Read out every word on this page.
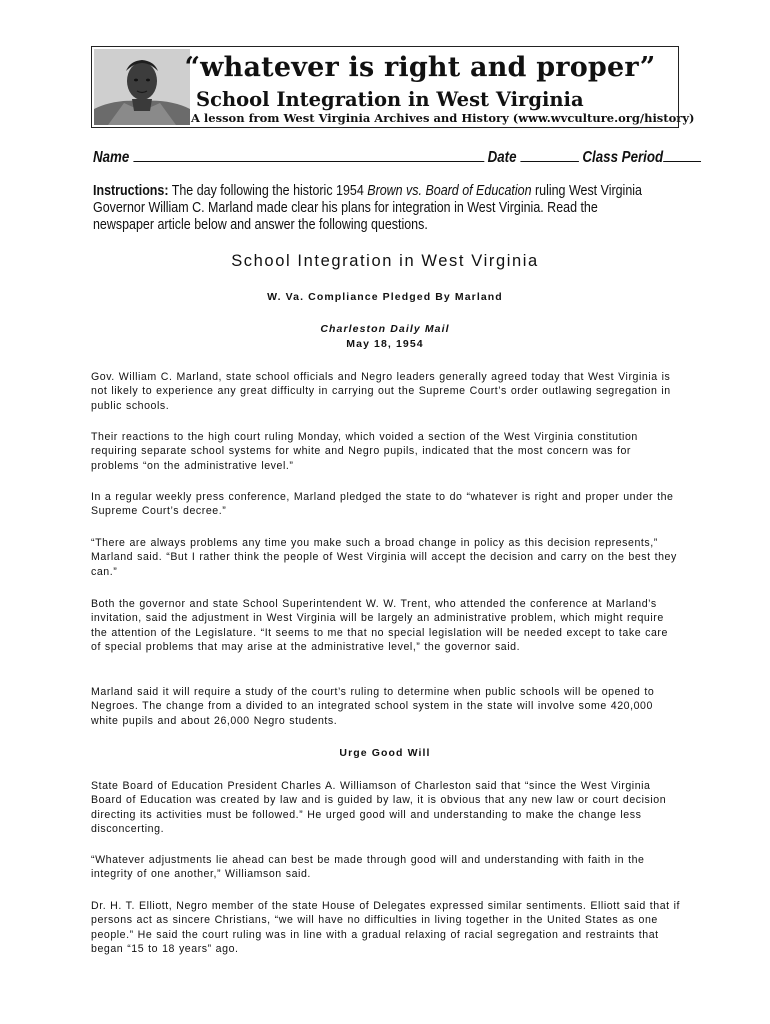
“whatever is right and proper”
School Integration in West Virginia
A lesson from West Virginia Archives and History (www.wvculture.org/history)
Name	Date	Class Period
Instructions: The day following the historic 1954 Brown vs. Board of Education ruling West Virginia Governor William C. Marland made clear his plans for integration in West Virginia. Read the newspaper article below and answer the following questions.
School Integration in West Virginia
W. Va. Compliance Pledged By Marland
Charleston Daily Mail
May 18, 1954
Gov. William C. Marland, state school officials and Negro leaders generally agreed today that West Virginia is not likely to experience any great difficulty in carrying out the Supreme Court’s order outlawing segregation in public schools.
Their reactions to the high court ruling Monday, which voided a section of the West Virginia constitution requiring separate school systems for white and Negro pupils, indicated that the most concern was for problems “on the administrative level.”
In a regular weekly press conference, Marland pledged the state to do “whatever is right and proper under the Supreme Court’s decree.”
“There are always problems any time you make such a broad change in policy as this decision represents,” Marland said. “But I rather think the people of West Virginia will accept the decision and carry on the best they can.”
Both the governor and state School Superintendent W. W. Trent, who attended the conference at Marland’s invitation, said the adjustment in West Virginia will be largely an administrative problem, which might require the attention of the Legislature. “It seems to me that no special legislation will be needed except to take care of special problems that may arise at the administrative level,” the governor said.
Marland said it will require a study of the court’s ruling to determine when public schools will be opened to Negroes. The change from a divided to an integrated school system in the state will involve some 420,000 white pupils and about 26,000 Negro students.
Urge Good Will
State Board of Education President Charles A. Williamson of Charleston said that “since the West Virginia Board of Education was created by law and is guided by law, it is obvious that any new law or court decision directing its activities must be followed.” He urged good will and understanding to make the change less disconcerting.
“Whatever adjustments lie ahead can best be made through good will and understanding with faith in the integrity of one another,” Williamson said.
Dr. H. T. Elliott, Negro member of the state House of Delegates expressed similar sentiments. Elliott said that if persons act as sincere Christians, “we will have no difficulties in living together in the United States as one people.” He said the court ruling was in line with a gradual relaxing of racial segregation and restraints that began “15 to 18 years” ago.
